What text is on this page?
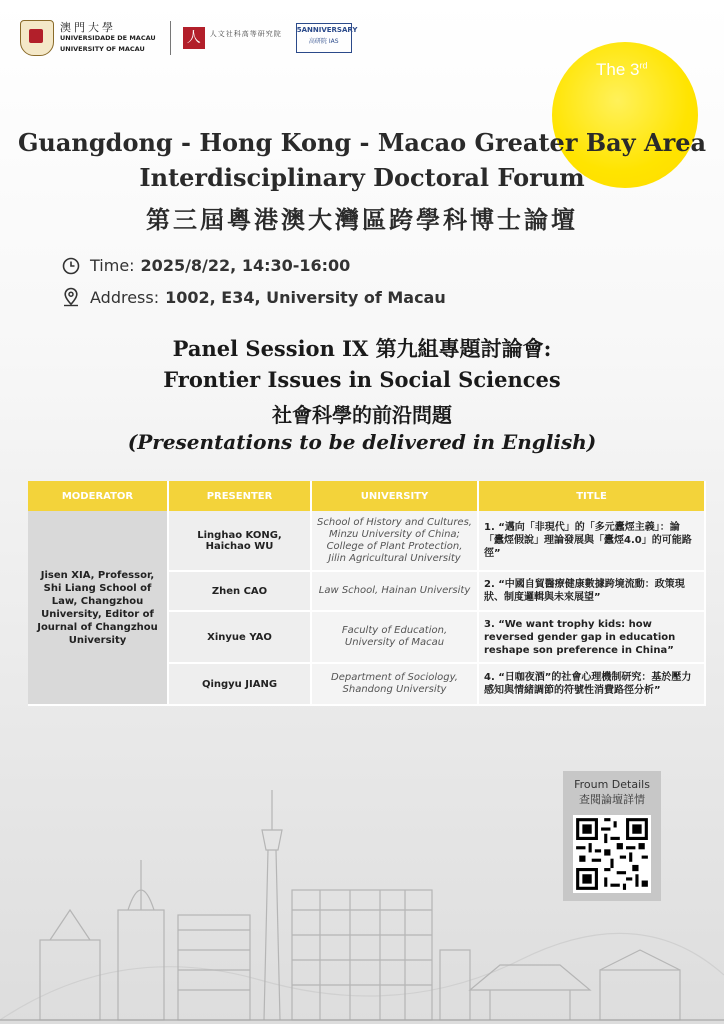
澳門大學
UNIVERSIDADE DE MACAU
UNIVERSITY OF MACAU
人	人文社科高等研究院
5ANNIVERSARY
高研院 IAS
The 3rd
Guangdong - Hong Kong - Macao Greater Bay Area
Interdisciplinary Doctoral Forum
第三屆粵港澳大灣區跨學科博士論壇
Time: 2025/8/22, 14:30-16:00
Address: 1002, E34, University of Macau
Panel Session IX 第九組專題討論會:
Frontier Issues in Social Sciences
社會科學的前沿問題
(Presentations to be delivered in English)
MODERATOR	PRESENTER	UNIVERSITY	TITLE
Jisen XIA, Professor, Shi Liang School of Law, Changzhou University, Editor of Journal of Changzhou University	Linghao KONG, Haichao WU	School of History and Cultures, Minzu University of China; College of Plant Protection, Jilin Agricultural University	1. “邁向「非現代」的「多元蠹烴主義」：論「蠹烴假說」理論發展與「蠹烴4.0」的可能路徑”
	Zhen CAO	Law School, Hainan University	2. “中國自貿醫療健康數據跨境流動：政策現狀、制度邏輯與未來展望”
	Xinyue YAO	Faculty of Education, University of Macau	3. “We want trophy kids: how reversed gender gap in education reshape son preference in China”
	Qingyu JIANG	Department of Sociology, Shandong University	4. “日咖夜酒”的社會心理機制研究：基於壓力感知與情緒調節的符號性消費路徑分析”
Froum Details
查閱論壇詳情
